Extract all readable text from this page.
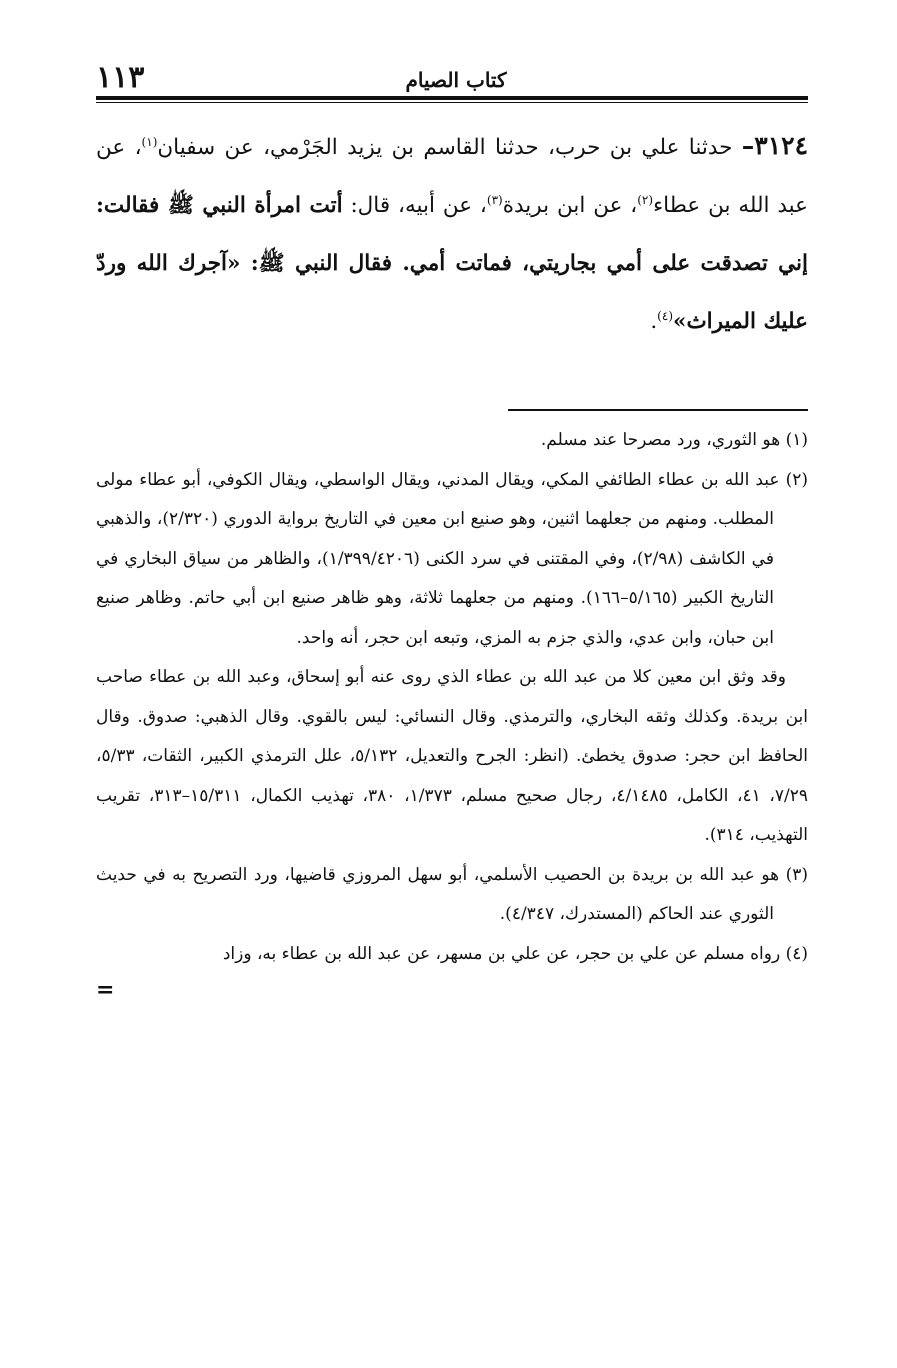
١١٣	كتاب الصيام
٣١٢٤– حدثنا علي بن حرب، حدثنا القاسم بن يزيد الجَرْمي، عن سفيان$^{(١)}$، عن عبد الله بن عطاء$^{(٢)}$، عن ابن بريدة$^{(٣)}$، عن أبيه، قال: أتت امرأة النبي ﷺ فقالت: إني تصدقت على أمي بجاريتي، فماتت أمي. فقال النبي ﷺ: «آجرك الله وردّ عليك الميراث»$^{(٤)}$.

(١) هو الثوري، ورد مصرحا عند مسلم.

(٢) عبد الله بن عطاء الطائفي المكي، ويقال المدني، ويقال الواسطي، ويقال الكوفي، أبو عطاء مولى المطلب. ومنهم من جعلهما اثنين، وهو صنيع ابن معين في التاريخ برواية الدوري (٢/٣٢٠)، والذهبي في الكاشف (٢/٩٨)، وفي المقتنى في سرد الكنى (١/٣٩٩/٤٢٠٦)، والظاهر من سياق البخاري في التاريخ الكبير (٥/١٦٥–١٦٦). ومنهم من جعلهما ثلاثة، وهو ظاهر صنيع ابن أبي حاتم. وظاهر صنيع ابن حبان، وابن عدي، والذي جزم به المزي، وتبعه ابن حجر، أنه واحد.

وقد وثق ابن معين كلا من عبد الله بن عطاء الذي روى عنه أبو إسحاق، وعبد الله بن عطاء صاحب ابن بريدة. وكذلك وثقه البخاري، والترمذي. وقال النسائي: ليس بالقوي. وقال الذهبي: صدوق. وقال الحافظ ابن حجر: صدوق يخطئ. (انظر: الجرح والتعديل، ٥/١٣٢، علل الترمذي الكبير، الثقات، ٥/٣٣، ٧/٢٩، ٤١، الكامل، ٤/١٤٨٥، رجال صحيح مسلم، ١/٣٧٣، ٣٨٠، تهذيب الكمال، ١٥/٣١١–٣١٣، تقريب التهذيب، ٣١٤).

(٣) هو عبد الله بن بريدة بن الحصيب الأسلمي، أبو سهل المروزي قاضيها، ورد التصريح به في حديث الثوري عند الحاكم (المستدرك، ٤/٣٤٧).

(٤) رواه مسلم عن علي بن حجر، عن علي بن مسهر، عن عبد الله بن عطاء به، وزاد

=
